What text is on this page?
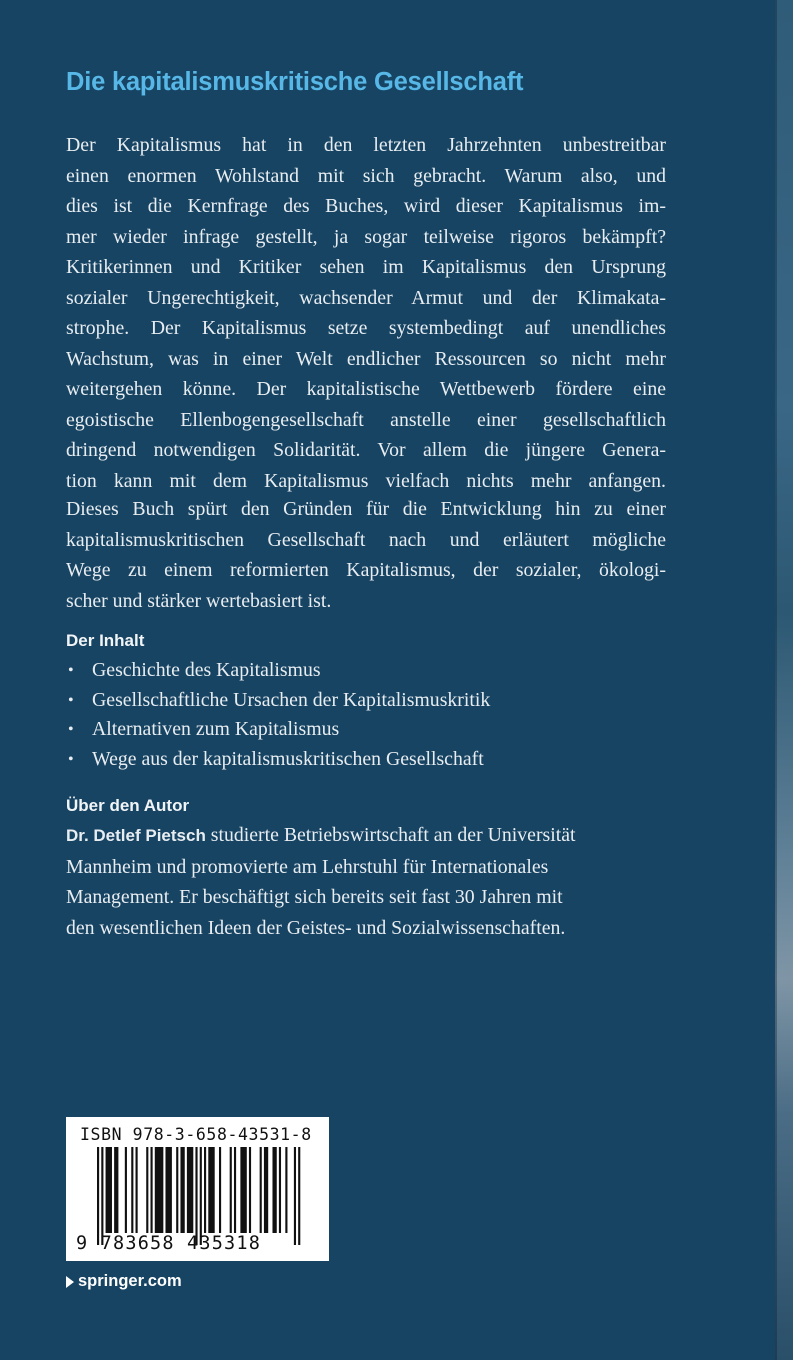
Die kapitalismuskritische Gesellschaft
Der Kapitalismus hat in den letzten Jahrzehnten unbestreitbar
einen enormen Wohlstand mit sich gebracht. Warum also, und
dies ist die Kernfrage des Buches, wird dieser Kapitalismus im-
mer wieder infrage gestellt, ja sogar teilweise rigoros bekämpft?
Kritikerinnen und Kritiker sehen im Kapitalismus den Ursprung
sozialer Ungerechtigkeit, wachsender Armut und der Klimakata-
strophe. Der Kapitalismus setze systembedingt auf unendliches
Wachstum, was in einer Welt endlicher Ressourcen so nicht mehr
weitergehen könne. Der kapitalistische Wettbewerb fördere eine
egoistische Ellenbogengesellschaft anstelle einer gesellschaftlich
dringend notwendigen Solidarität. Vor allem die jüngere Genera-
tion kann mit dem Kapitalismus vielfach nichts mehr anfangen.
Dieses Buch spürt den Gründen für die Entwicklung hin zu einer
kapitalismuskritischen Gesellschaft nach und erläutert mögliche
Wege zu einem reformierten Kapitalismus, der sozialer, ökologi-
scher und stärker wertebasiert ist.
Der Inhalt
• Geschichte des Kapitalismus
• Gesellschaftliche Ursachen der Kapitalismuskritik
• Alternativen zum Kapitalismus
• Wege aus der kapitalismuskritischen Gesellschaft
Über den Autor
Dr. Detlef Pietsch studierte Betriebswirtschaft an der Universität
Mannheim und promovierte am Lehrstuhl für Internationales
Management. Er beschäftigt sich bereits seit fast 30 Jahren mit
den wesentlichen Ideen der Geistes- und Sozialwissenschaften.
ISBN 978-3-658-43531-8
9 783658 435318
springer.com
